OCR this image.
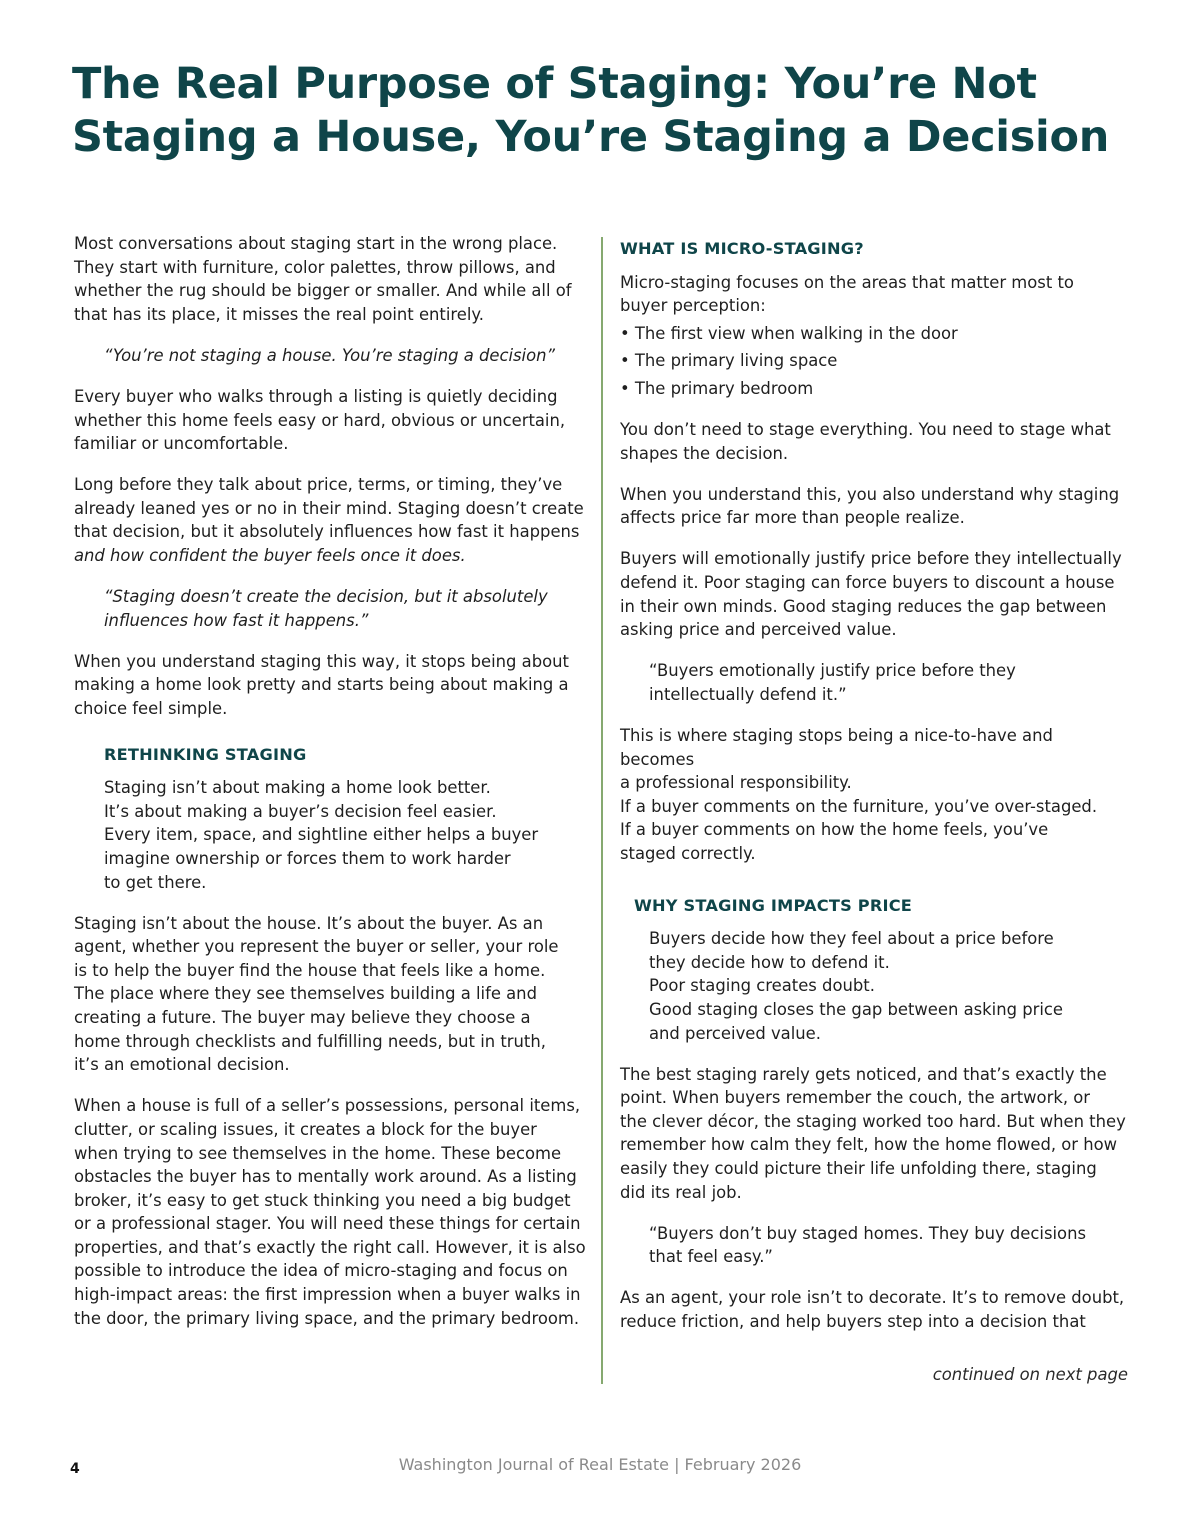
The Real Purpose of Staging: You’re Not Staging a House, You’re Staging a Decision

Most conversations about staging start in the wrong place.
They start with furniture, color palettes, throw pillows, and
whether the rug should be bigger or smaller. And while all of
that has its place, it misses the real point entirely.

“You’re not staging a house. You’re staging a decision”

Every buyer who walks through a listing is quietly deciding
whether this home feels easy or hard, obvious or uncertain,
familiar or uncomfortable.

Long before they talk about price, terms, or timing, they’ve
already leaned yes or no in their mind. Staging doesn’t create
that decision, but it absolutely influences how fast it happens
and how confident the buyer feels once it does.

“Staging doesn’t create the decision, but it absolutely
influences how fast it happens.”

When you understand staging this way, it stops being about
making a home look pretty and starts being about making a
choice feel simple.

RETHINKING STAGING
Staging isn’t about making a home look better.
It’s about making a buyer’s decision feel easier.
Every item, space, and sightline either helps a buyer
imagine ownership or forces them to work harder
to get there.

Staging isn’t about the house. It’s about the buyer. As an
agent, whether you represent the buyer or seller, your role
is to help the buyer find the house that feels like a home.
The place where they see themselves building a life and
creating a future. The buyer may believe they choose a
home through checklists and fulfilling needs, but in truth,
it’s an emotional decision.

When a house is full of a seller’s possessions, personal items,
clutter, or scaling issues, it creates a block for the buyer
when trying to see themselves in the home. These become
obstacles the buyer has to mentally work around. As a listing
broker, it’s easy to get stuck thinking you need a big budget
or a professional stager. You will need these things for certain
properties, and that’s exactly the right call. However, it is also
possible to introduce the idea of micro-staging and focus on
high-impact areas: the first impression when a buyer walks in
the door, the primary living space, and the primary bedroom.

WHAT IS MICRO-STAGING?

Micro-staging focuses on the areas that matter most to
buyer perception:

• The first view when walking in the door
• The primary living space
• The primary bedroom

You don’t need to stage everything. You need to stage what
shapes the decision.

When you understand this, you also understand why staging
affects price far more than people realize.

Buyers will emotionally justify price before they intellectually
defend it. Poor staging can force buyers to discount a house
in their own minds. Good staging reduces the gap between
asking price and perceived value.

“Buyers emotionally justify price before they
intellectually defend it.”

This is where staging stops being a nice-to-have and
becomes
a professional responsibility.
If a buyer comments on the furniture, you’ve over-staged.
If a buyer comments on how the home feels, you’ve
staged correctly.

WHY STAGING IMPACTS PRICE
Buyers decide how they feel about a price before
they decide how to defend it.
Poor staging creates doubt.
Good staging closes the gap between asking price
and perceived value.

The best staging rarely gets noticed, and that’s exactly the
point. When buyers remember the couch, the artwork, or
the clever décor, the staging worked too hard. But when they
remember how calm they felt, how the home flowed, or how
easily they could picture their life unfolding there, staging
did its real job.

“Buyers don’t buy staged homes. They buy decisions
that feel easy.”

As an agent, your role isn’t to decorate. It’s to remove doubt,
reduce friction, and help buyers step into a decision that

continued on next page
4	Washington Journal of Real Estate | February 2026
